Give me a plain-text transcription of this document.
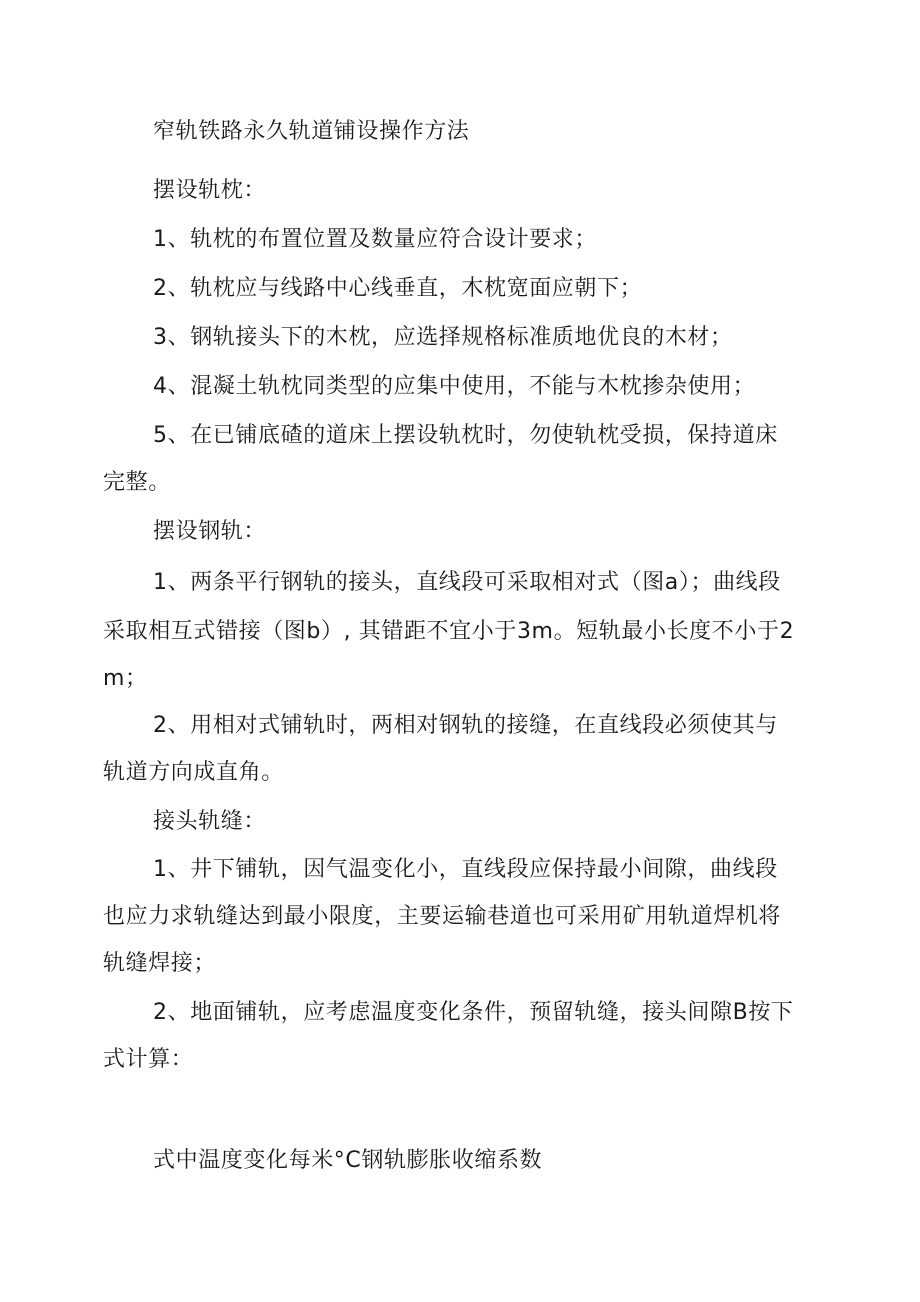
窄轨铁路永久轨道铺设操作方法
摆设轨枕：
1、轨枕的布置位置及数量应符合设计要求；
2、轨枕应与线路中心线垂直，木枕宽面应朝下；
3、钢轨接头下的木枕，应选择规格标准质地优良的木材；
4、混凝土轨枕同类型的应集中使用，不能与木枕掺杂使用；
5、在已铺底碴的道床上摆设轨枕时，勿使轨枕受损，保持道床
完整。
摆设钢轨：
1、两条平行钢轨的接头，直线段可采取相对式（图a）；曲线段
采取相互式错接（图b）, 其错距不宜小于3m。短轨最小长度不小于2
m；
2、用相对式铺轨时，两相对钢轨的接缝，在直线段必须使其与
轨道方向成直角。
接头轨缝：
1、井下铺轨，因气温变化小，直线段应保持最小间隙，曲线段
也应力求轨缝达到最小限度，主要运输巷道也可采用矿用轨道焊机将
轨缝焊接；
2、地面铺轨，应考虑温度变化条件，预留轨缝，接头间隙B按下
式计算：
式中温度变化每米°C钢轨膨胀收缩系数
